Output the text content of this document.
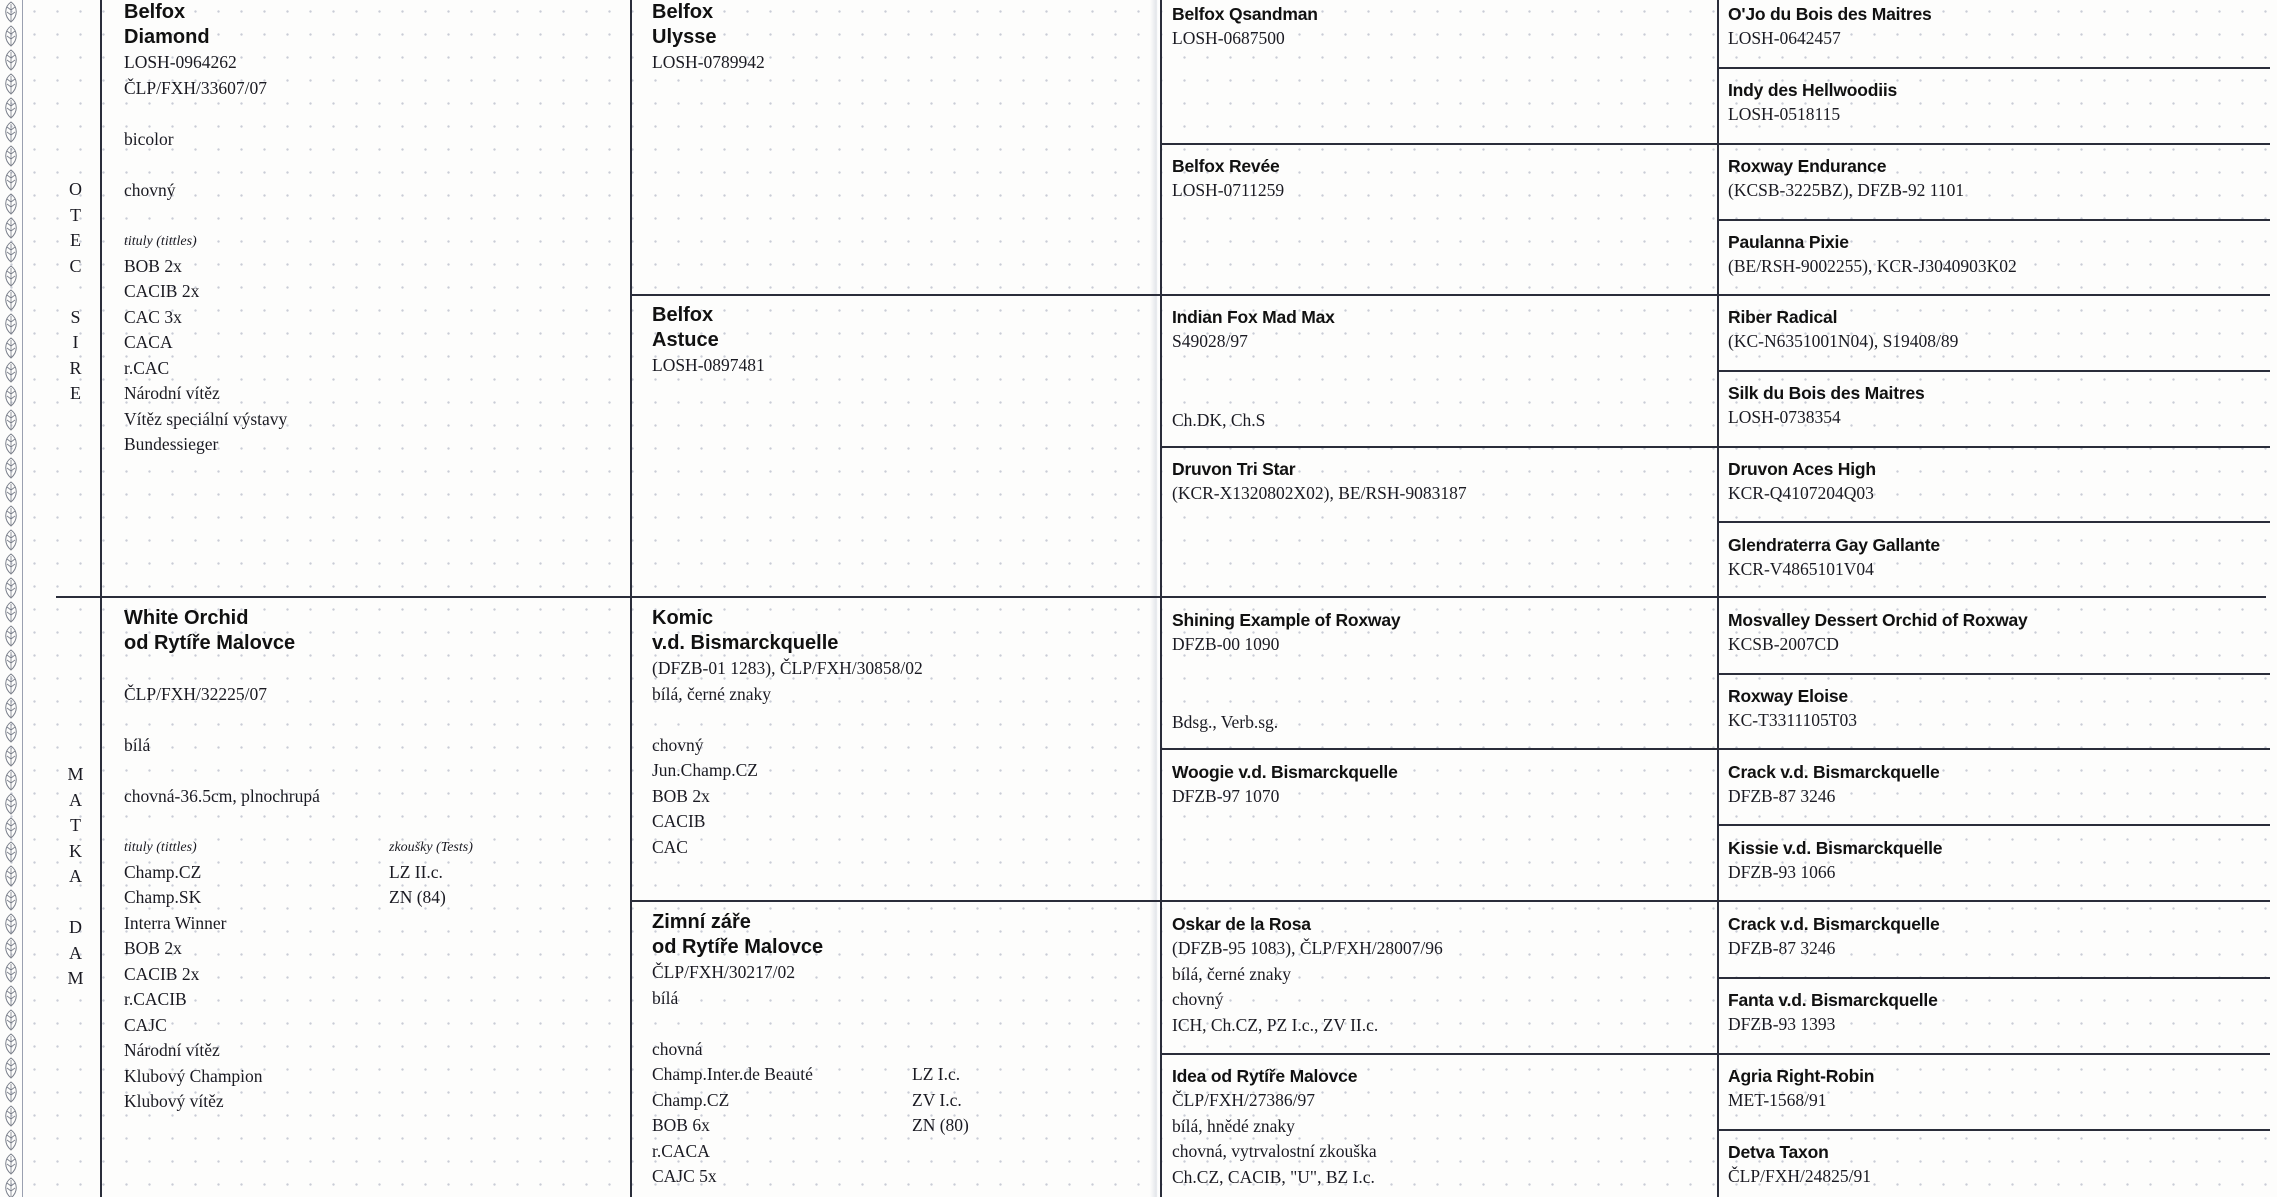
O
T
E
C
S
I
R
E
M
A
T
K
A
D
A
M
Belfox
Diamond
LOSH-0964262
ČLP/FXH/33607/07
bicolor
chovný
tituly (tittles)
BOB 2x
CACIB 2x
CAC 3x
CACA
r.CAC
Národní vítěz
Vítěz speciální výstavy
Bundessieger
White Orchid
od Rytíře Malovce
ČLP/FXH/32225/07
bílá
chovná-36.5cm, plnochrupá
tituly (tittles)	zkoušky (Tests)
Champ.CZ
Champ.SK
Interra Winner
BOB 2x
CACIB 2x
r.CACIB
CAJC
Národní vítěz
Klubový Champion
Klubový vítěz
LZ II.c.
ZN (84)
Belfox
Ulysse
LOSH-0789942
Belfox
Astuce
LOSH-0897481
Komic
v.d. Bismarckquelle
(DFZB-01 1283), ČLP/FXH/30858/02
bílá, černé znaky
chovný
Jun.Champ.CZ
BOB 2x
CACIB
CAC
Zimní záře
od Rytíře Malovce
ČLP/FXH/30217/02
bílá
chovná
Champ.Inter.de Beauté
Champ.CZ
BOB 6x
r.CACA
CAJC 5x
LZ I.c.
ZV I.c.
ZN (80)
Belfox Qsandman
LOSH-0687500
Belfox Revée
LOSH-0711259
Indian Fox Mad Max
S49028/97
Ch.DK, Ch.S
Druvon Tri Star
(KCR-X1320802X02), BE/RSH-9083187
Shining Example of Roxway
DFZB-00 1090
Bdsg., Verb.sg.
Woogie v.d. Bismarckquelle
DFZB-97 1070
Oskar de la Rosa
(DFZB-95 1083), ČLP/FXH/28007/96
bílá, černé znaky
chovný
ICH, Ch.CZ, PZ I.c., ZV II.c.
Idea od Rytíře Malovce
ČLP/FXH/27386/97
bílá, hnědé znaky
chovná, vytrvalostní zkouška
Ch.CZ, CACIB, "U", BZ I.c.
O'Jo du Bois des Maitres
LOSH-0642457
Indy des Hellwoodiis
LOSH-0518115
Roxway Endurance
(KCSB-3225BZ), DFZB-92 1101
Paulanna Pixie
(BE/RSH-9002255), KCR-J3040903K02
Riber Radical
(KC-N6351001N04), S19408/89
Silk du Bois des Maitres
LOSH-0738354
Druvon Aces High
KCR-Q4107204Q03
Glendraterra Gay Gallante
KCR-V4865101V04
Mosvalley Dessert Orchid of Roxway
KCSB-2007CD
Roxway Eloise
KC-T3311105T03
Crack v.d. Bismarckquelle
DFZB-87 3246
Kissie v.d. Bismarckquelle
DFZB-93 1066
Crack v.d. Bismarckquelle
DFZB-87 3246
Fanta v.d. Bismarckquelle
DFZB-93 1393
Agria Right-Robin
MET-1568/91
Detva Taxon
ČLP/FXH/24825/91
